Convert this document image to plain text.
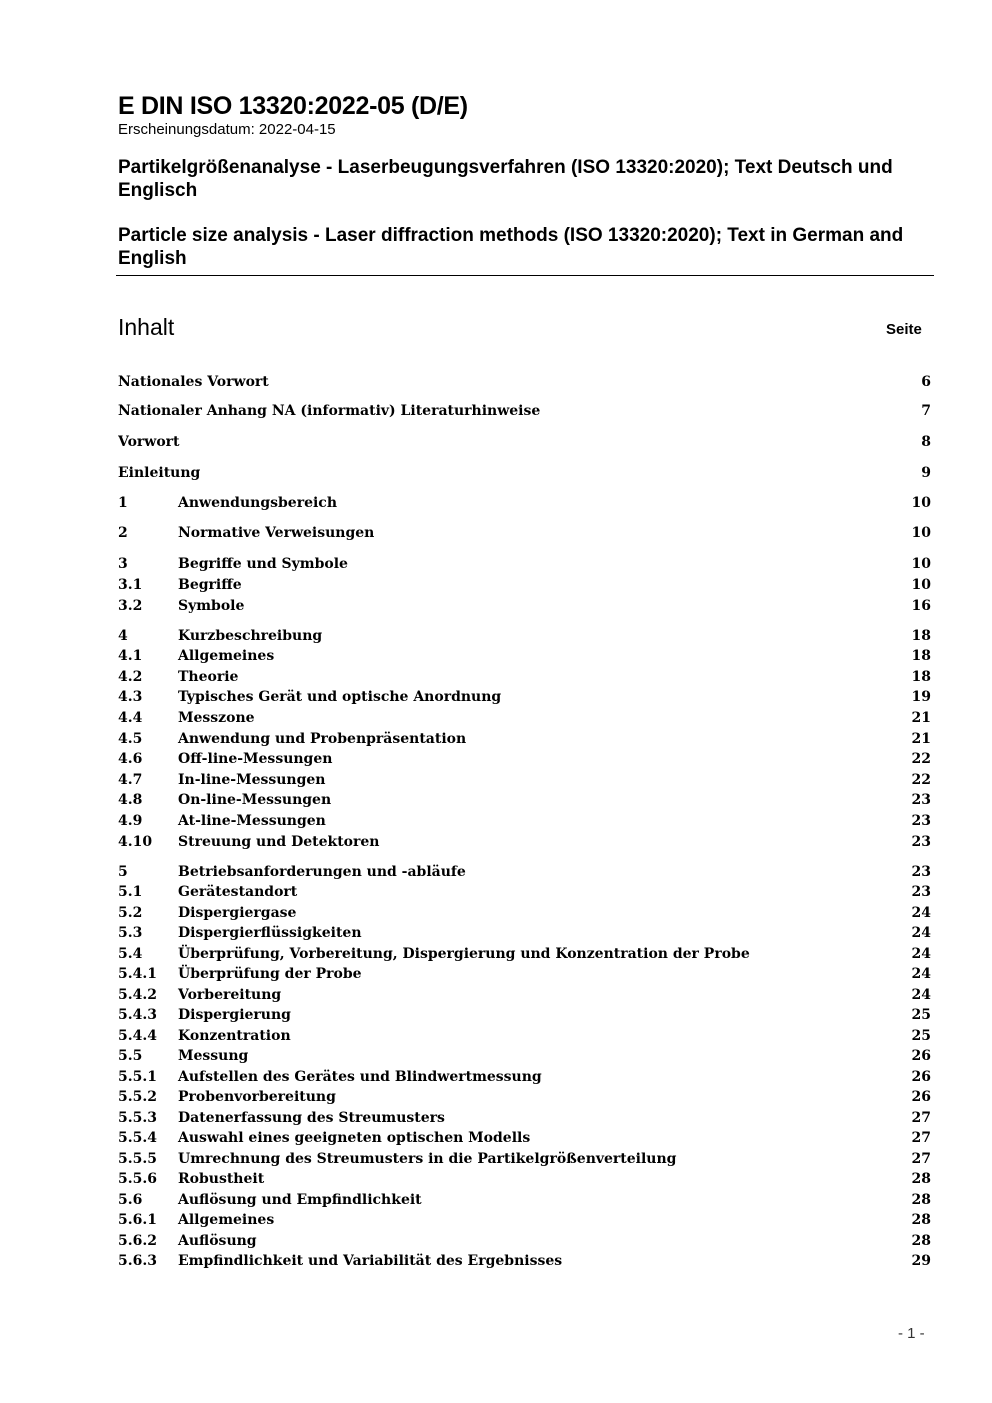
E DIN ISO 13320:2022-05 (D/E)
Erscheinungsdatum: 2022-04-15
Partikelgrößenanalyse - Laserbeugungsverfahren (ISO 13320:2020); Text Deutsch und Englisch
Particle size analysis - Laser diffraction methods (ISO 13320:2020); Text in German and English
Inhalt	Seite
Nationales Vorwort	6
Nationaler Anhang NA (informativ) Literaturhinweise	7
Vorwort	8
Einleitung	9
1	Anwendungsbereich	10
2	Normative Verweisungen	10
3	Begriffe und Symbole	10
3.1	Begriffe	10
3.2	Symbole	16
4	Kurzbeschreibung	18
4.1	Allgemeines	18
4.2	Theorie	18
4.3	Typisches Gerät und optische Anordnung	19
4.4	Messzone	21
4.5	Anwendung und Probenpräsentation	21
4.6	Off-line-Messungen	22
4.7	In-line-Messungen	22
4.8	On-line-Messungen	23
4.9	At-line-Messungen	23
4.10 Streuung und Detektoren	23
5	Betriebsanforderungen und -abläufe	23
5.1	Gerätestandort	23
5.2	Dispergiergase	24
5.3	Dispergierflüssigkeiten	24
5.4	Überprüfung, Vorbereitung, Dispergierung und Konzentration der Probe	24
5.4.1 Überprüfung der Probe	24
5.4.2 Vorbereitung	24
5.4.3 Dispergierung	25
5.4.4 Konzentration	25
5.5	Messung	26
5.5.1 Aufstellen des Gerätes und Blindwertmessung	26
5.5.2 Probenvorbereitung	26
5.5.3 Datenerfassung des Streumusters	27
5.5.4 Auswahl eines geeigneten optischen Modells	27
5.5.5 Umrechnung des Streumusters in die Partikelgrößenverteilung	27
5.5.6 Robustheit	28
5.6	Auflösung und Empfindlichkeit	28
5.6.1 Allgemeines	28
5.6.2 Auflösung	28
5.6.3 Empfindlichkeit und Variabilität des Ergebnisses	29
- 1 -
